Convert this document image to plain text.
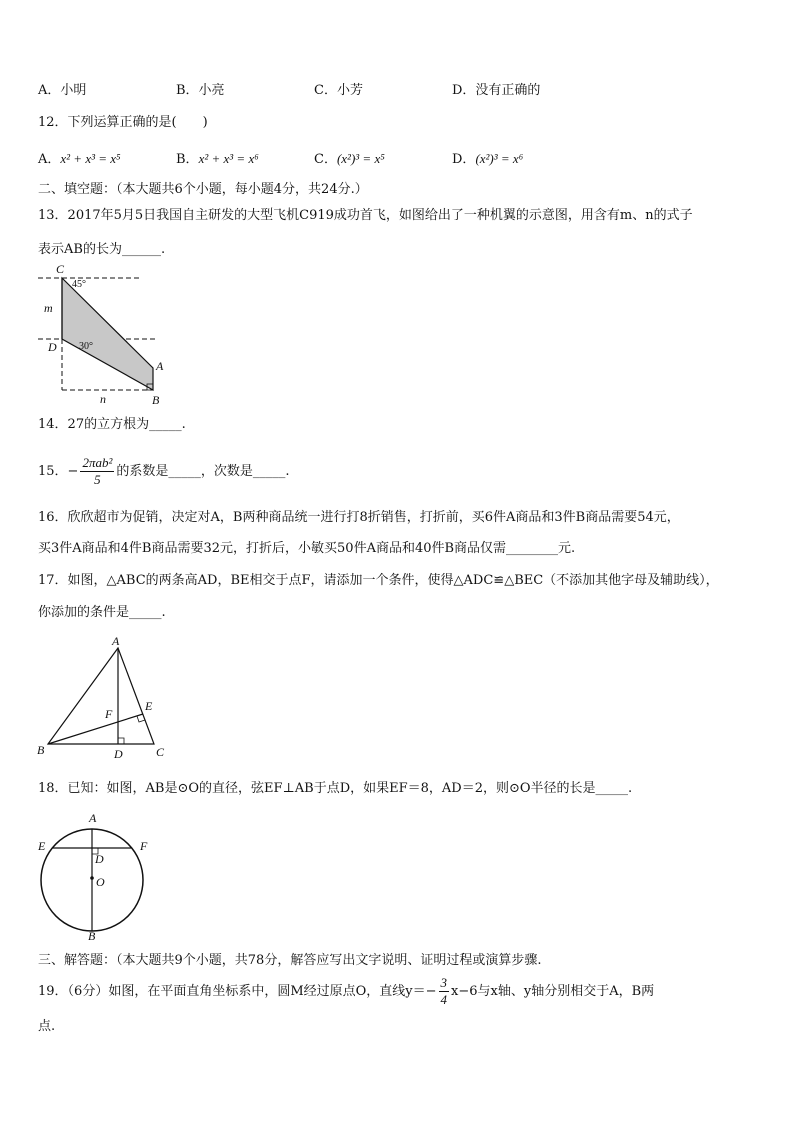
A．小明	B．小亮	C．小芳	D．没有正确的
12．下列运算正确的是(　　)
A．x² + x³ = x⁵	B．x² + x³ = x⁶	C．(x²)³ = x⁵	D．(x²)³ = x⁶
二、填空题：（本大题共6个小题，每小题4分，共24分.）
13．2017年5月5日我国自主研发的大型飞机C919成功首飞，如图给出了一种机翼的示意图，用含有m、n的式子
表示AB的长为______.
C
D
A
B
m
n
45°
30°
14．27的立方根为_____.
15．− $\frac{\text{2πab²}}{5}$ 的系数是_____，次数是_____.
16．欣欣超市为促销，决定对A，B两种商品统一进行打8折销售，打折前，买6件A商品和3件B商品需要54元，
买3件A商品和4件B商品需要32元，打折后，小敏买50件A商品和40件B商品仅需________元.
17．如图，△ABC的两条高AD，BE相交于点F，请添加一个条件，使得△ADC≌△BEC（不添加其他字母及辅助线），
你添加的条件是_____.
A
B	C
D
E
F
18．已知：如图，AB是⊙O的直径，弦EF⊥AB于点D，如果EF＝8，AD＝2，则⊙O半径的长是_____.
A
B
D
E	F
O
三、解答题：（本大题共9个小题，共78分，解答应写出文字说明、证明过程或演算步骤.
19．（6分）如图，在平面直角坐标系中，圆M经过原点O，直线$y=- \frac{3}{4} x-6$与x轴、y轴分别相交于A，B两
点.
